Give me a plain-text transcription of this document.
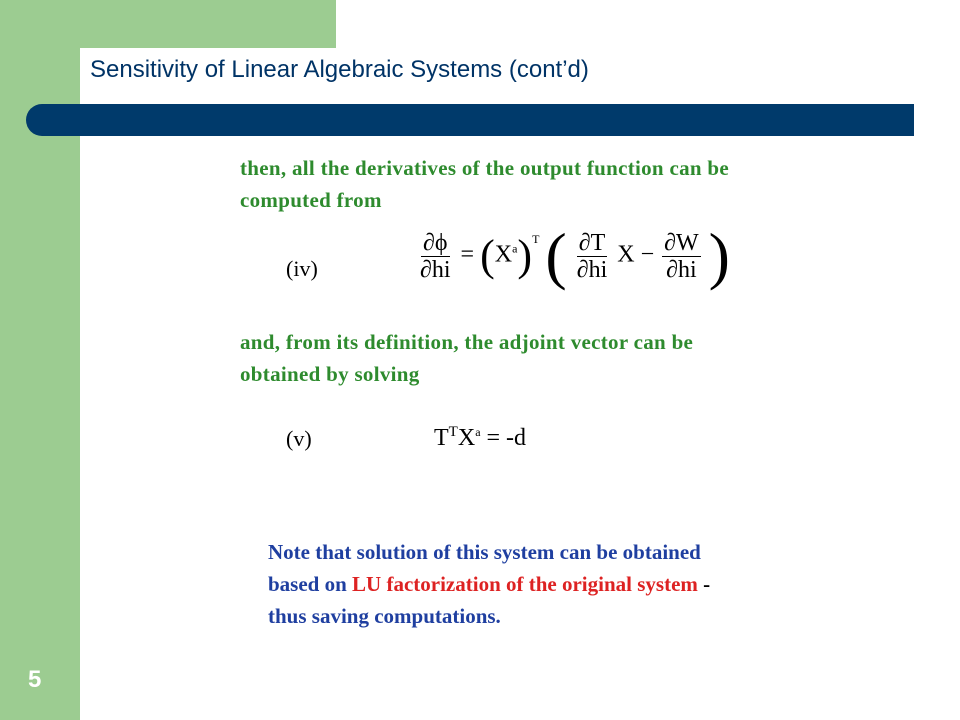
Sensitivity of Linear Algebraic Systems (cont’d)
5
then, all the derivatives of the output function can be
computed from
(iv)	$\frac{\partial\phi}{\partial hi} = (X^a)^T$ ( $\frac{\partial T}{\partial hi}$ $X - \frac{\partial W}{\partial hi}$ )
and, from its definition, the adjoint vector can be
obtained by solving
(v)	$T^TX^a = -d$
Note that solution of this system can be obtained
based on LU factorization of the original system -
thus saving computations.
